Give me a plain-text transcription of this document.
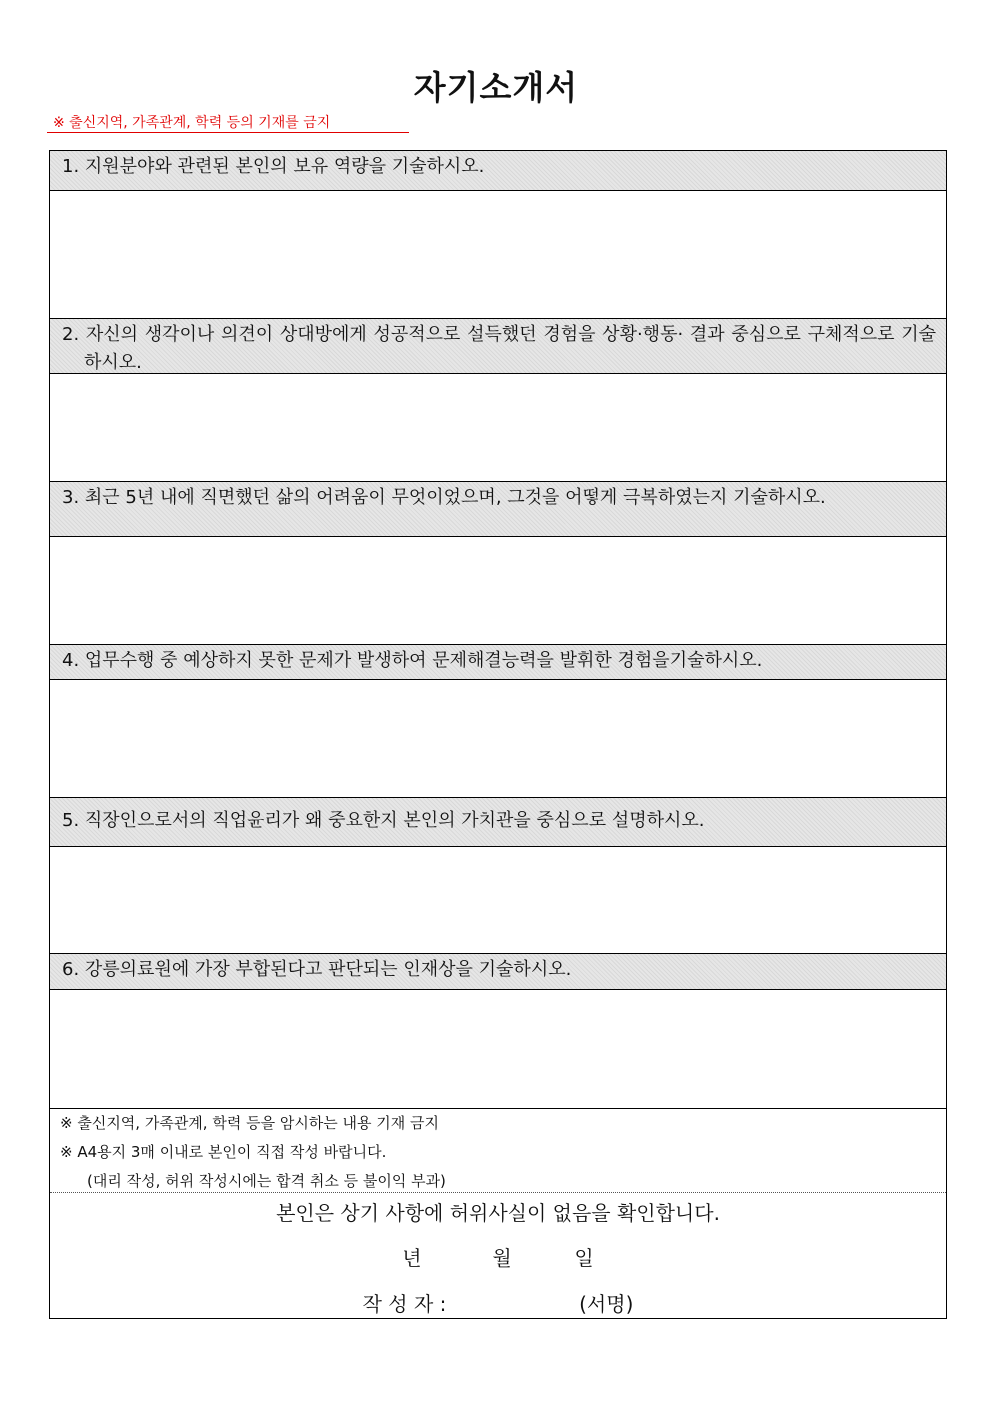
자기소개서
※ 출신지역, 가족관계, 학력 등의 기재를 금지
1. 지원분야와 관련된 본인의 보유 역량을 기술하시오.
2. 자신의 생각이나 의견이 상대방에게 성공적으로 설득했던 경험을 상황·행동· 결과 중심으로 구체적으로 기술하시오.
3. 최근 5년 내에 직면했던 삶의 어려움이 무엇이었으며, 그것을 어떻게 극복하였는지 기술하시오.
4. 업무수행 중 예상하지 못한 문제가 발생하여 문제해결능력을 발휘한 경험을기술하시오.
5. 직장인으로서의 직업윤리가 왜 중요한지 본인의 가치관을 중심으로 설명하시오.
6. 강릉의료원에 가장 부합된다고 판단되는 인재상을 기술하시오.
※ 출신지역, 가족관계, 학력 등을 암시하는 내용 기재 금지
※ A4용지 3매 이내로 본인이 직접 작성 바랍니다.
(대리 작성, 허위 작성시에는 합격 취소 등 불이익 부과)
본인은 상기 사항에 허위사실이 없음을 확인합니다.
년	월	일
작 성 자 :	(서명)
